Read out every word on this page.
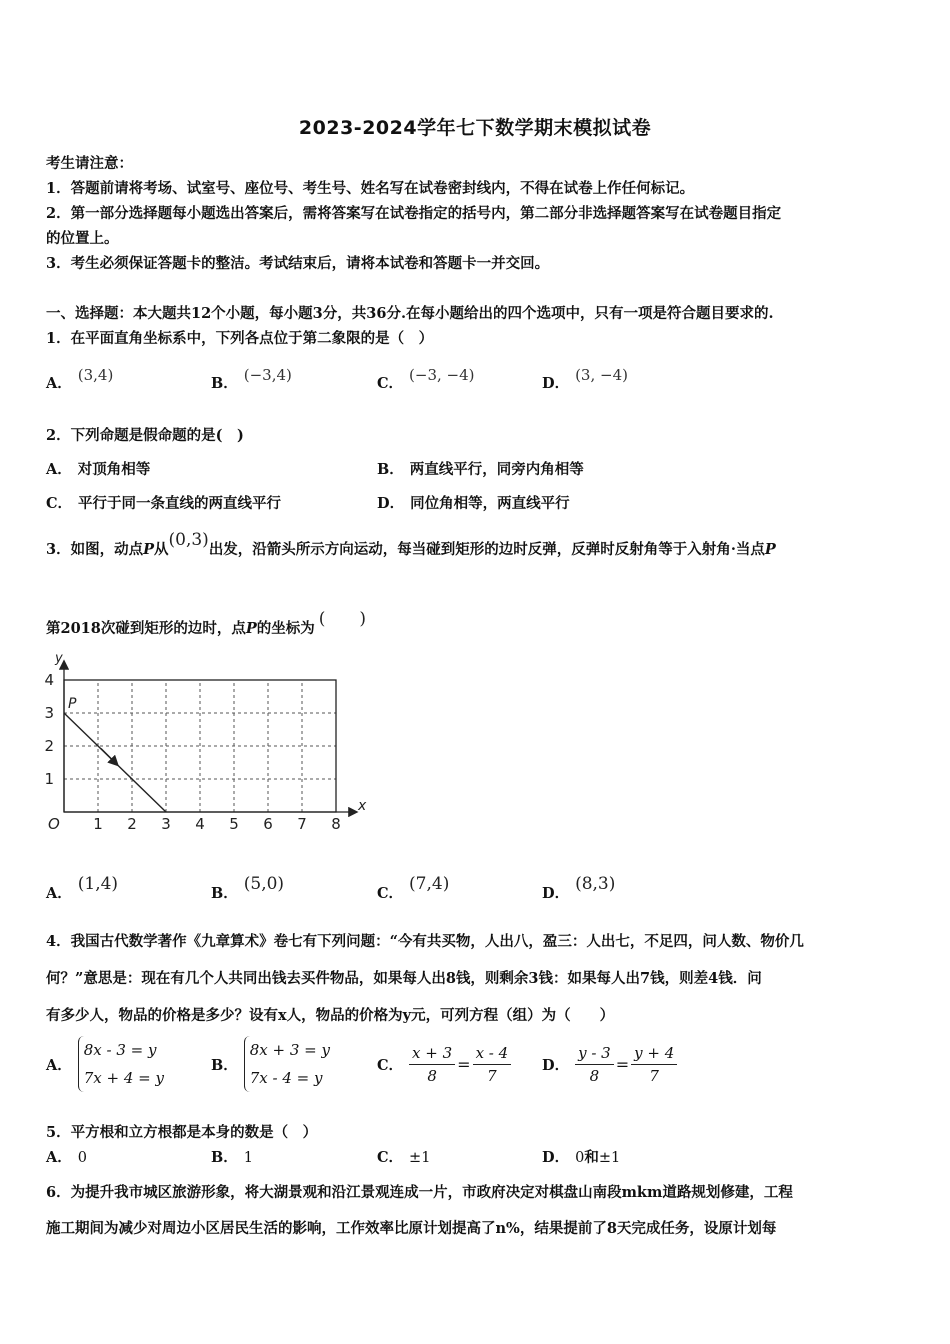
2023-2024学年七下数学期末模拟试卷
考生请注意：
1．答题前请将考场、试室号、座位号、考生号、姓名写在试卷密封线内，不得在试卷上作任何标记。
2．第一部分选择题每小题选出答案后，需将答案写在试卷指定的括号内，第二部分非选择题答案写在试卷题目指定
的位置上。
3．考生必须保证答题卡的整洁。考试结束后，请将本试卷和答题卡一并交回。
一、选择题：本大题共12个小题，每小题3分，共36分.在每小题给出的四个选项中，只有一项是符合题目要求的.
1．在平面直角坐标系中，下列各点位于第二象限的是（　）
A． (3,4)	B． (−3,4)	C． (−3, −4)	D． (3, −4)
2．下列命题是假命题的是(　)
A． 对顶角相等	B． 两直线平行，同旁内角相等
C． 平行于同一条直线的两直线平行	D． 同位角相等，两直线平行
3．如图，动点P从(0,3)出发，沿箭头所示方向运动，每当碰到矩形的边时反弹，反弹时反射角等于入射角·当点P
第2018次碰到矩形的边时，点P的坐标为 (　　)
x
y
O 1 2 3 4 5 6 7 8
1
2
3
4
P
A． (1,4)	B． (5,0)	C． (7,4)	D． (8,3)
4．我国古代数学著作《九章算术》卷七有下列问题：“今有共买物，人出八，盈三：人出七，不足四，问人数、物价几
何？”意思是：现在有几个人共同出钱去买件物品，如果每人出8钱，则剩余3钱：如果每人出7钱，则差4钱．问
有多少人，物品的价格是多少？设有x人，物品的价格为y元，可列方程（组）为（　　）
A．
8x - 3 = y
7x + 4 = y
B．
8x + 3 = y
7x - 4 = y
C． $\frac{x + 3}{8} = \frac{x - 4}{7}$ D． $\frac{y - 3}{8} = \frac{y + 4}{7}$
5．平方根和立方根都是本身的数是（　）
A． 0	B． 1	C． ±1	D． 0和±1
6．为提升我市城区旅游形象，将大湖景观和沿江景观连成一片，市政府决定对棋盘山南段mkm道路规划修建，工程
施工期间为减少对周边小区居民生活的影响，工作效率比原计划提高了n%，结果提前了8天完成任务，设原计划每
